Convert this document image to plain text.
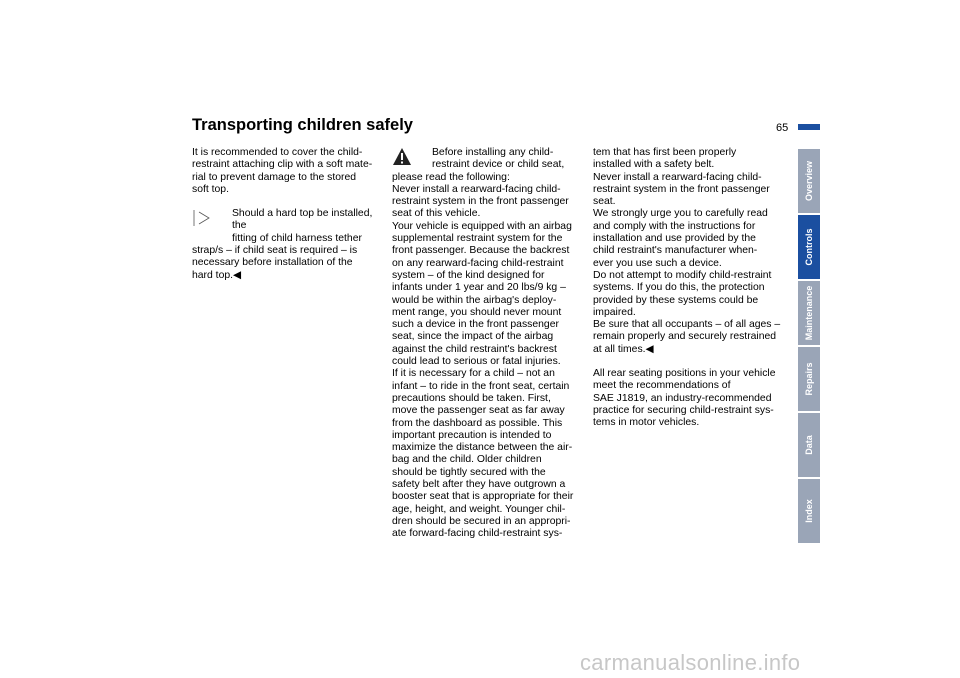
Transporting children safely	65

It is recommended to cover the child-
restraint attaching clip with a soft mate-
rial to prevent damage to the stored
soft top.

Should a hard top be installed, the
fitting of child harness tether

strap/s – if child seat is required – is
necessary before installation of the
hard top.◀

Before installing any child-
restraint device or child seat,

please read the following:
Never install a rearward-facing child-
restraint system in the front passenger
seat of this vehicle.
Your vehicle is equipped with an airbag
supplemental restraint system for the
front passenger. Because the backrest
on any rearward-facing child-restraint
system – of the kind designed for
infants under 1 year and 20 lbs/9 kg –
would be within the airbag's deploy-
ment range, you should never mount
such a device in the front passenger
seat, since the impact of the airbag
against the child restraint's backrest
could lead to serious or fatal injuries.
If it is necessary for a child – not an
infant – to ride in the front seat, certain
precautions should be taken. First,
move the passenger seat as far away
from the dashboard as possible. This
important precaution is intended to
maximize the distance between the air-
bag and the child. Older children
should be tightly secured with the
safety belt after they have outgrown a
booster seat that is appropriate for their
age, height, and weight. Younger chil-
dren should be secured in an appropri-
ate forward-facing child-restraint sys-

tem that has first been properly
installed with a safety belt.
Never install a rearward-facing child-
restraint system in the front passenger
seat.
We strongly urge you to carefully read
and comply with the instructions for
installation and use provided by the
child restraint's manufacturer when-
ever you use such a device.
Do not attempt to modify child-restraint
systems. If you do this, the protection
provided by these systems could be
impaired.
Be sure that all occupants – of all ages –
remain properly and securely restrained
at all times.◀

All rear seating positions in your vehicle
meet the recommendations of
SAE J1819, an industry-recommended
practice for securing child-restraint sys-
tems in motor vehicles.

Overview
Controls
Maintenance
Repairs
Data
Index
carmanualsonline.info
